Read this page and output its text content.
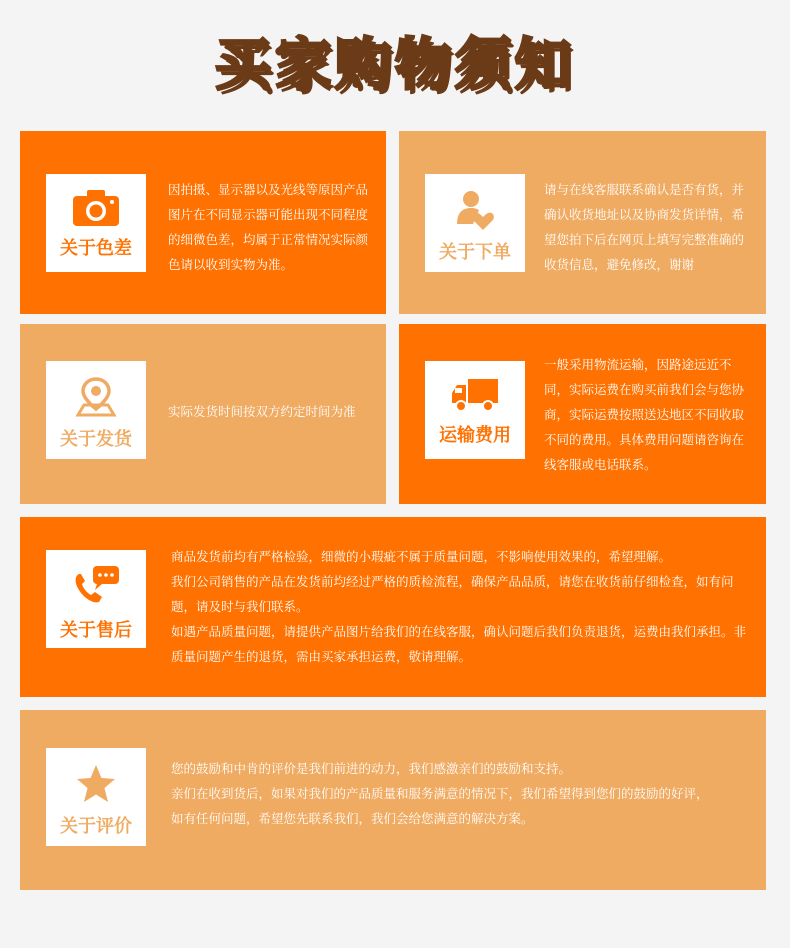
买家购物须知
关于色差

因拍摄、显示器以及光线等原因产品图片在不同显示器可能出现不同程度的细微色差，均属于正常情况实际颜色请以收到实物为准。

关于下单

请与在线客服联系确认是否有货，并确认收货地址以及协商发货详情，希望您拍下后在网页上填写完整准确的收货信息，避免修改，谢谢

关于发货

实际发货时间按双方约定时间为准

运输费用

一般采用物流运输，因路途远近不同，实际运费在购买前我们会与您协商，实际运费按照送达地区不同收取不同的费用。具体费用问题请咨询在线客服或电话联系。

关于售后

商品发货前均有严格检验，细微的小瑕疵不属于质量问题，不影响使用效果的，希望理解。

我们公司销售的产品在发货前均经过严格的质检流程，确保产品品质，请您在收货前仔细检查，如有问题，请及时与我们联系。

如遇产品质量问题，请提供产品图片给我们的在线客服，确认问题后我们负责退货，运费由我们承担。非质量问题产生的退货，需由买家承担运费，敬请理解。

关于评价

您的鼓励和中肯的评价是我们前进的动力，我们感激亲们的鼓励和支持。

亲们在收到货后，如果对我们的产品质量和服务满意的情况下，我们希望得到您们的鼓励的好评，

如有任何问题，希望您先联系我们，我们会给您满意的解决方案。
